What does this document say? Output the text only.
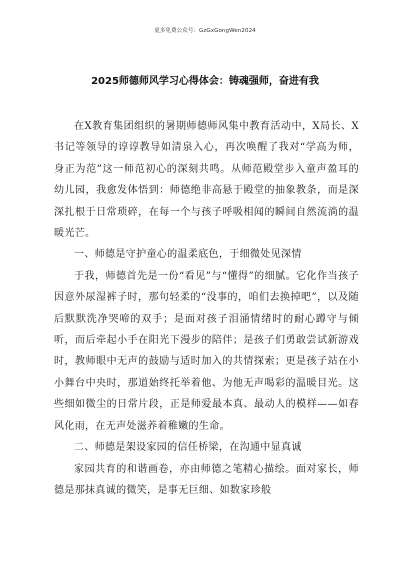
更多免费公众号：GzGxGongWen2024
2025师德师风学习心得体会：铸魂强师，奋进有我

在X教育集团组织的暑期师德师风集中教育活动中，X局长、X书记等领导的谆谆教导如清泉入心，再次唤醒了我对“学高为师，身正为范”这一师范初心的深刻共鸣。从师范殿堂步入童声盈耳的幼儿园，我愈发体悟到：师德绝非高悬于殿堂的抽象教条，而是深深扎根于日常琐碎，在每一个与孩子呼吸相闻的瞬间自然流淌的温暖光芒。

一、师德是守护童心的温柔底色，于细微处见深情

于我，师德首先是一份“看见”与“懂得”的细腻。它化作当孩子因意外尿湿裤子时，那句轻柔的“没事的，咱们去换掉吧”，以及随后默默洗净哭啼的双手；是面对孩子泪涌情绪时的耐心蹲守与倾听，而后牵起小手在阳光下漫步的陪伴；是孩子们勇敢尝试新游戏时，教师眼中无声的鼓励与适时加入的共情探索；更是孩子站在小小舞台中央时，那道始终托举着他、为他无声喝彩的温暖目光。这些细如微尘的日常片段，正是师爱最本真、最动人的模样——如春风化雨，在无声处滋养着稚嫩的生命。

二、师德是架设家园的信任桥梁，在沟通中显真诚

家园共育的和谐画卷，亦由师德之笔精心描绘。面对家长，师德是那抹真诚的微笑，是事无巨细、如数家珍般
